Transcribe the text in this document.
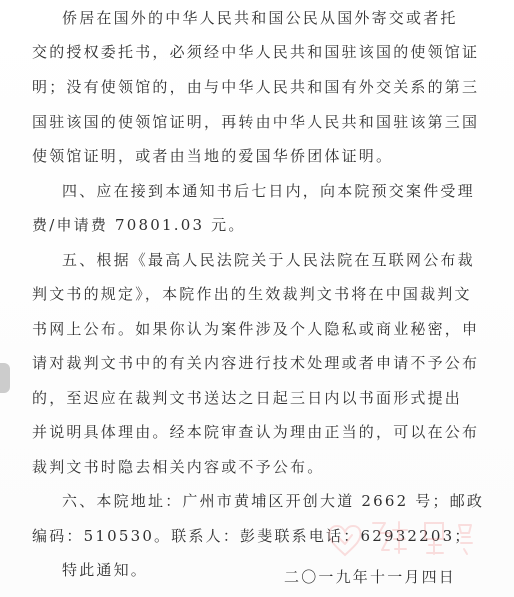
侨居在国外的中华人民共和国公民从国外寄交或者托
交的授权委托书，必须经中华人民共和国驻该国的使领馆证
明；没有使领馆的，由与中华人民共和国有外交关系的第三
国驻该国的使领馆证明，再转由中华人民共和国驻该第三国
使领馆证明，或者由当地的爱国华侨团体证明。
四、应在接到本通知书后七日内，向本院预交案件受理
费/申请费 70801.03 元。
五、根据《最高人民法院关于人民法院在互联网公布裁
判文书的规定》，本院作出的生效裁判文书将在中国裁判文
书网上公布。如果你认为案件涉及个人隐私或商业秘密，申
请对裁判文书中的有关内容进行技术处理或者申请不予公布
的，至迟应在裁判文书送达之日起三日内以书面形式提出
并说明具体理由。经本院审查认为理由正当的，可以在公布
裁判文书时隐去相关内容或不予公布。
六、本院地址：广州市黄埔区开创大道 2662 号；邮政
编码：510530。联系人：彭斐联系电话：62932203；
特此通知。	二〇一九年十一月四日
